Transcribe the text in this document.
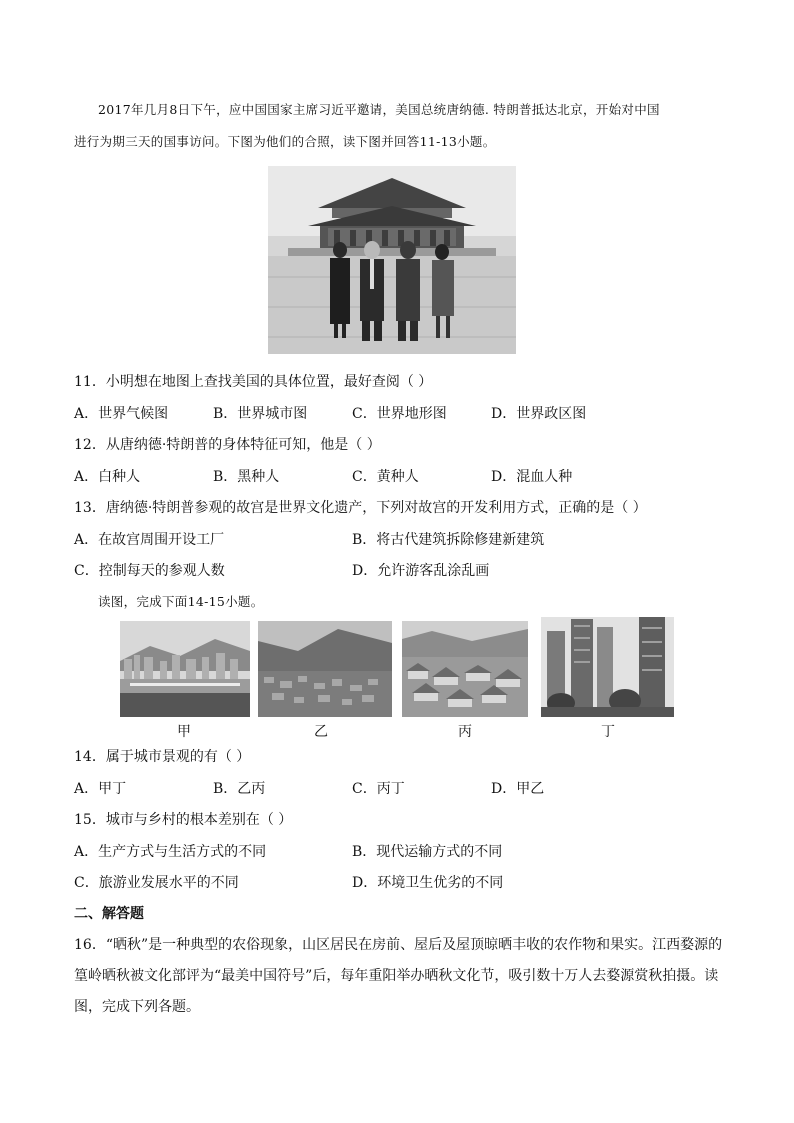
2017年几月8日下午，应中国国家主席习近平邀请，美国总统唐纳德. 特朗普抵达北京，开始对中国
进行为期三天的国事访问。下图为他们的合照，读下图并回答11-13小题。
11．小明想在地图上查找美国的具体位置，最好查阅（ ）
A．世界气候图	B．世界城市图	C．世界地形图	D．世界政区图
12．从唐纳德·特朗普的身体特征可知，他是（ ）
A．白种人	B．黑种人	C．黄种人	D．混血人种
13．唐纳德·特朗普参观的故宫是世界文化遗产，下列对故宫的开发利用方式，正确的是（ ）
A．在故宫周围开设工厂	B．将古代建筑拆除修建新建筑
C．控制每天的参观人数	D．允许游客乱涂乱画
读图，完成下面14-15小题。
甲	乙	丙	丁
14．属于城市景观的有（ ）
A．甲丁	B．乙丙	C．丙丁	D．甲乙
15．城市与乡村的根本差别在（ ）
A．生产方式与生活方式的不同	B．现代运输方式的不同
C．旅游业发展水平的不同	D．环境卫生优劣的不同
二、解答题
16．“晒秋”是一种典型的农俗现象，山区居民在房前、屋后及屋顶晾晒丰收的农作物和果实。江西婺源的篁岭晒秋被文化部评为“最美中国符号”后，每年重阳举办晒秋文化节，吸引数十万人去婺源赏秋拍摄。读图，完成下列各题。
